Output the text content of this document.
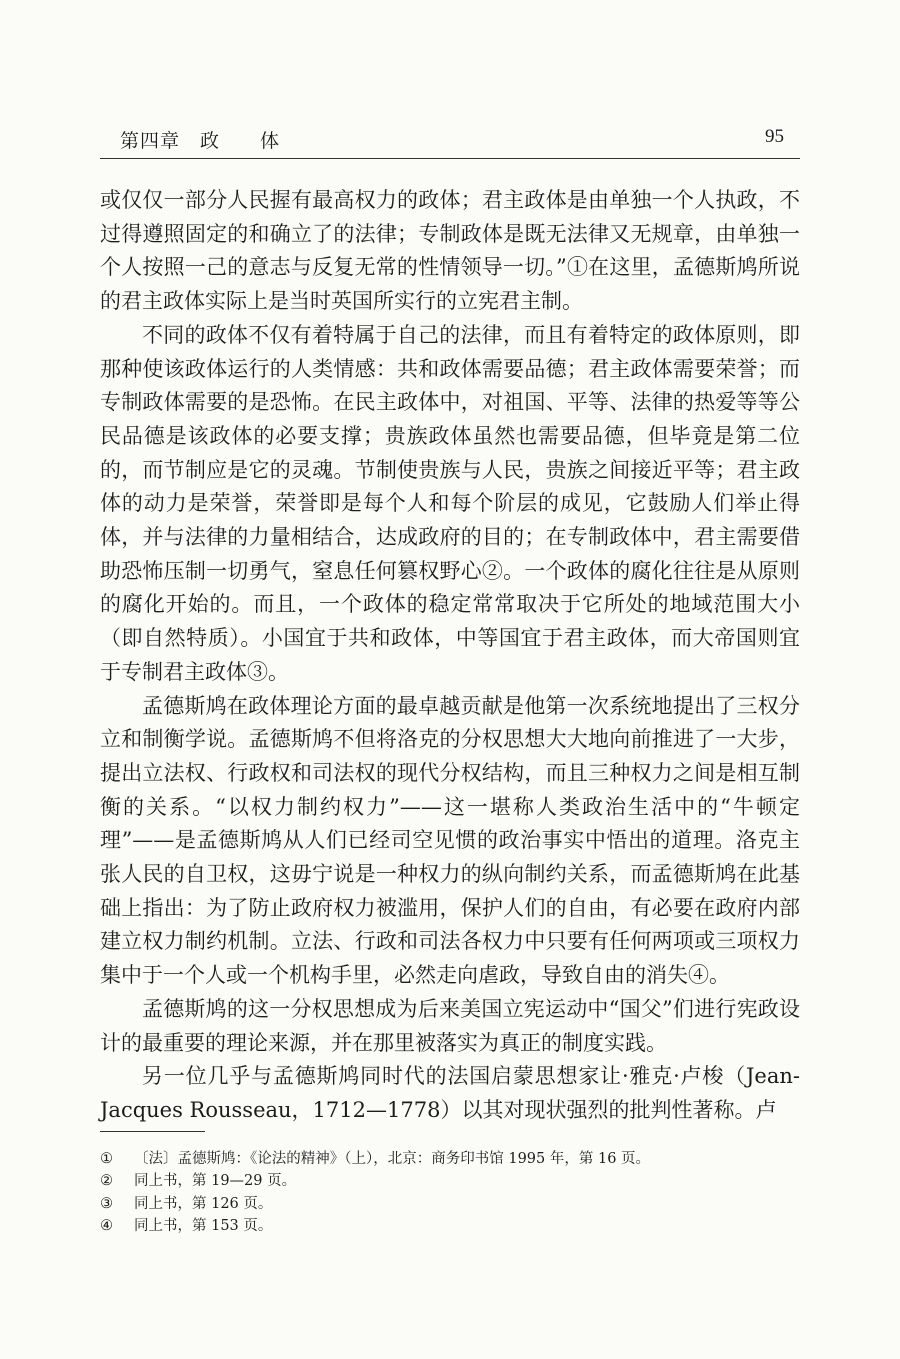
第四章　政　　体	95

或仅仅一部分人民握有最高权力的政体；君主政体是由单独一个人执政，不过得遵照固定的和确立了的法律；专制政体是既无法律又无规章，由单独一个人按照一己的意志与反复无常的性情领导一切。”①在这里，孟德斯鸠所说的君主政体实际上是当时英国所实行的立宪君主制。

不同的政体不仅有着特属于自己的法律，而且有着特定的政体原则，即那种使该政体运行的人类情感：共和政体需要品德；君主政体需要荣誉；而专制政体需要的是恐怖。在民主政体中，对祖国、平等、法律的热爱等等公民品德是该政体的必要支撑；贵族政体虽然也需要品德，但毕竟是第二位的，而节制应是它的灵魂。节制使贵族与人民，贵族之间接近平等；君主政体的动力是荣誉，荣誉即是每个人和每个阶层的成见，它鼓励人们举止得体，并与法律的力量相结合，达成政府的目的；在专制政体中，君主需要借助恐怖压制一切勇气，窒息任何篡权野心②。一个政体的腐化往往是从原则的腐化开始的。而且，一个政体的稳定常常取决于它所处的地域范围大小（即自然特质）。小国宜于共和政体，中等国宜于君主政体，而大帝国则宜于专制君主政体③。

孟德斯鸠在政体理论方面的最卓越贡献是他第一次系统地提出了三权分立和制衡学说。孟德斯鸠不但将洛克的分权思想大大地向前推进了一大步，提出立法权、行政权和司法权的现代分权结构，而且三种权力之间是相互制衡的关系。“以权力制约权力”——这一堪称人类政治生活中的“牛顿定理”——是孟德斯鸠从人们已经司空见惯的政治事实中悟出的道理。洛克主张人民的自卫权，这毋宁说是一种权力的纵向制约关系，而孟德斯鸠在此基础上指出：为了防止政府权力被滥用，保护人们的自由，有必要在政府内部建立权力制约机制。立法、行政和司法各权力中只要有任何两项或三项权力集中于一个人或一个机构手里，必然走向虐政，导致自由的消失④。

孟德斯鸠的这一分权思想成为后来美国立宪运动中“国父”们进行宪政设计的最重要的理论来源，并在那里被落实为真正的制度实践。

另一位几乎与孟德斯鸠同时代的法国启蒙思想家让·雅克·卢梭（Jean-Jacques Rousseau，1712—1778）以其对现状强烈的批判性著称。卢

①	〔法〕孟德斯鸠：《论法的精神》（上），北京：商务印书馆 1995 年，第 16 页。
②	同上书，第 19—29 页。
③	同上书，第 126 页。
④	同上书，第 153 页。
